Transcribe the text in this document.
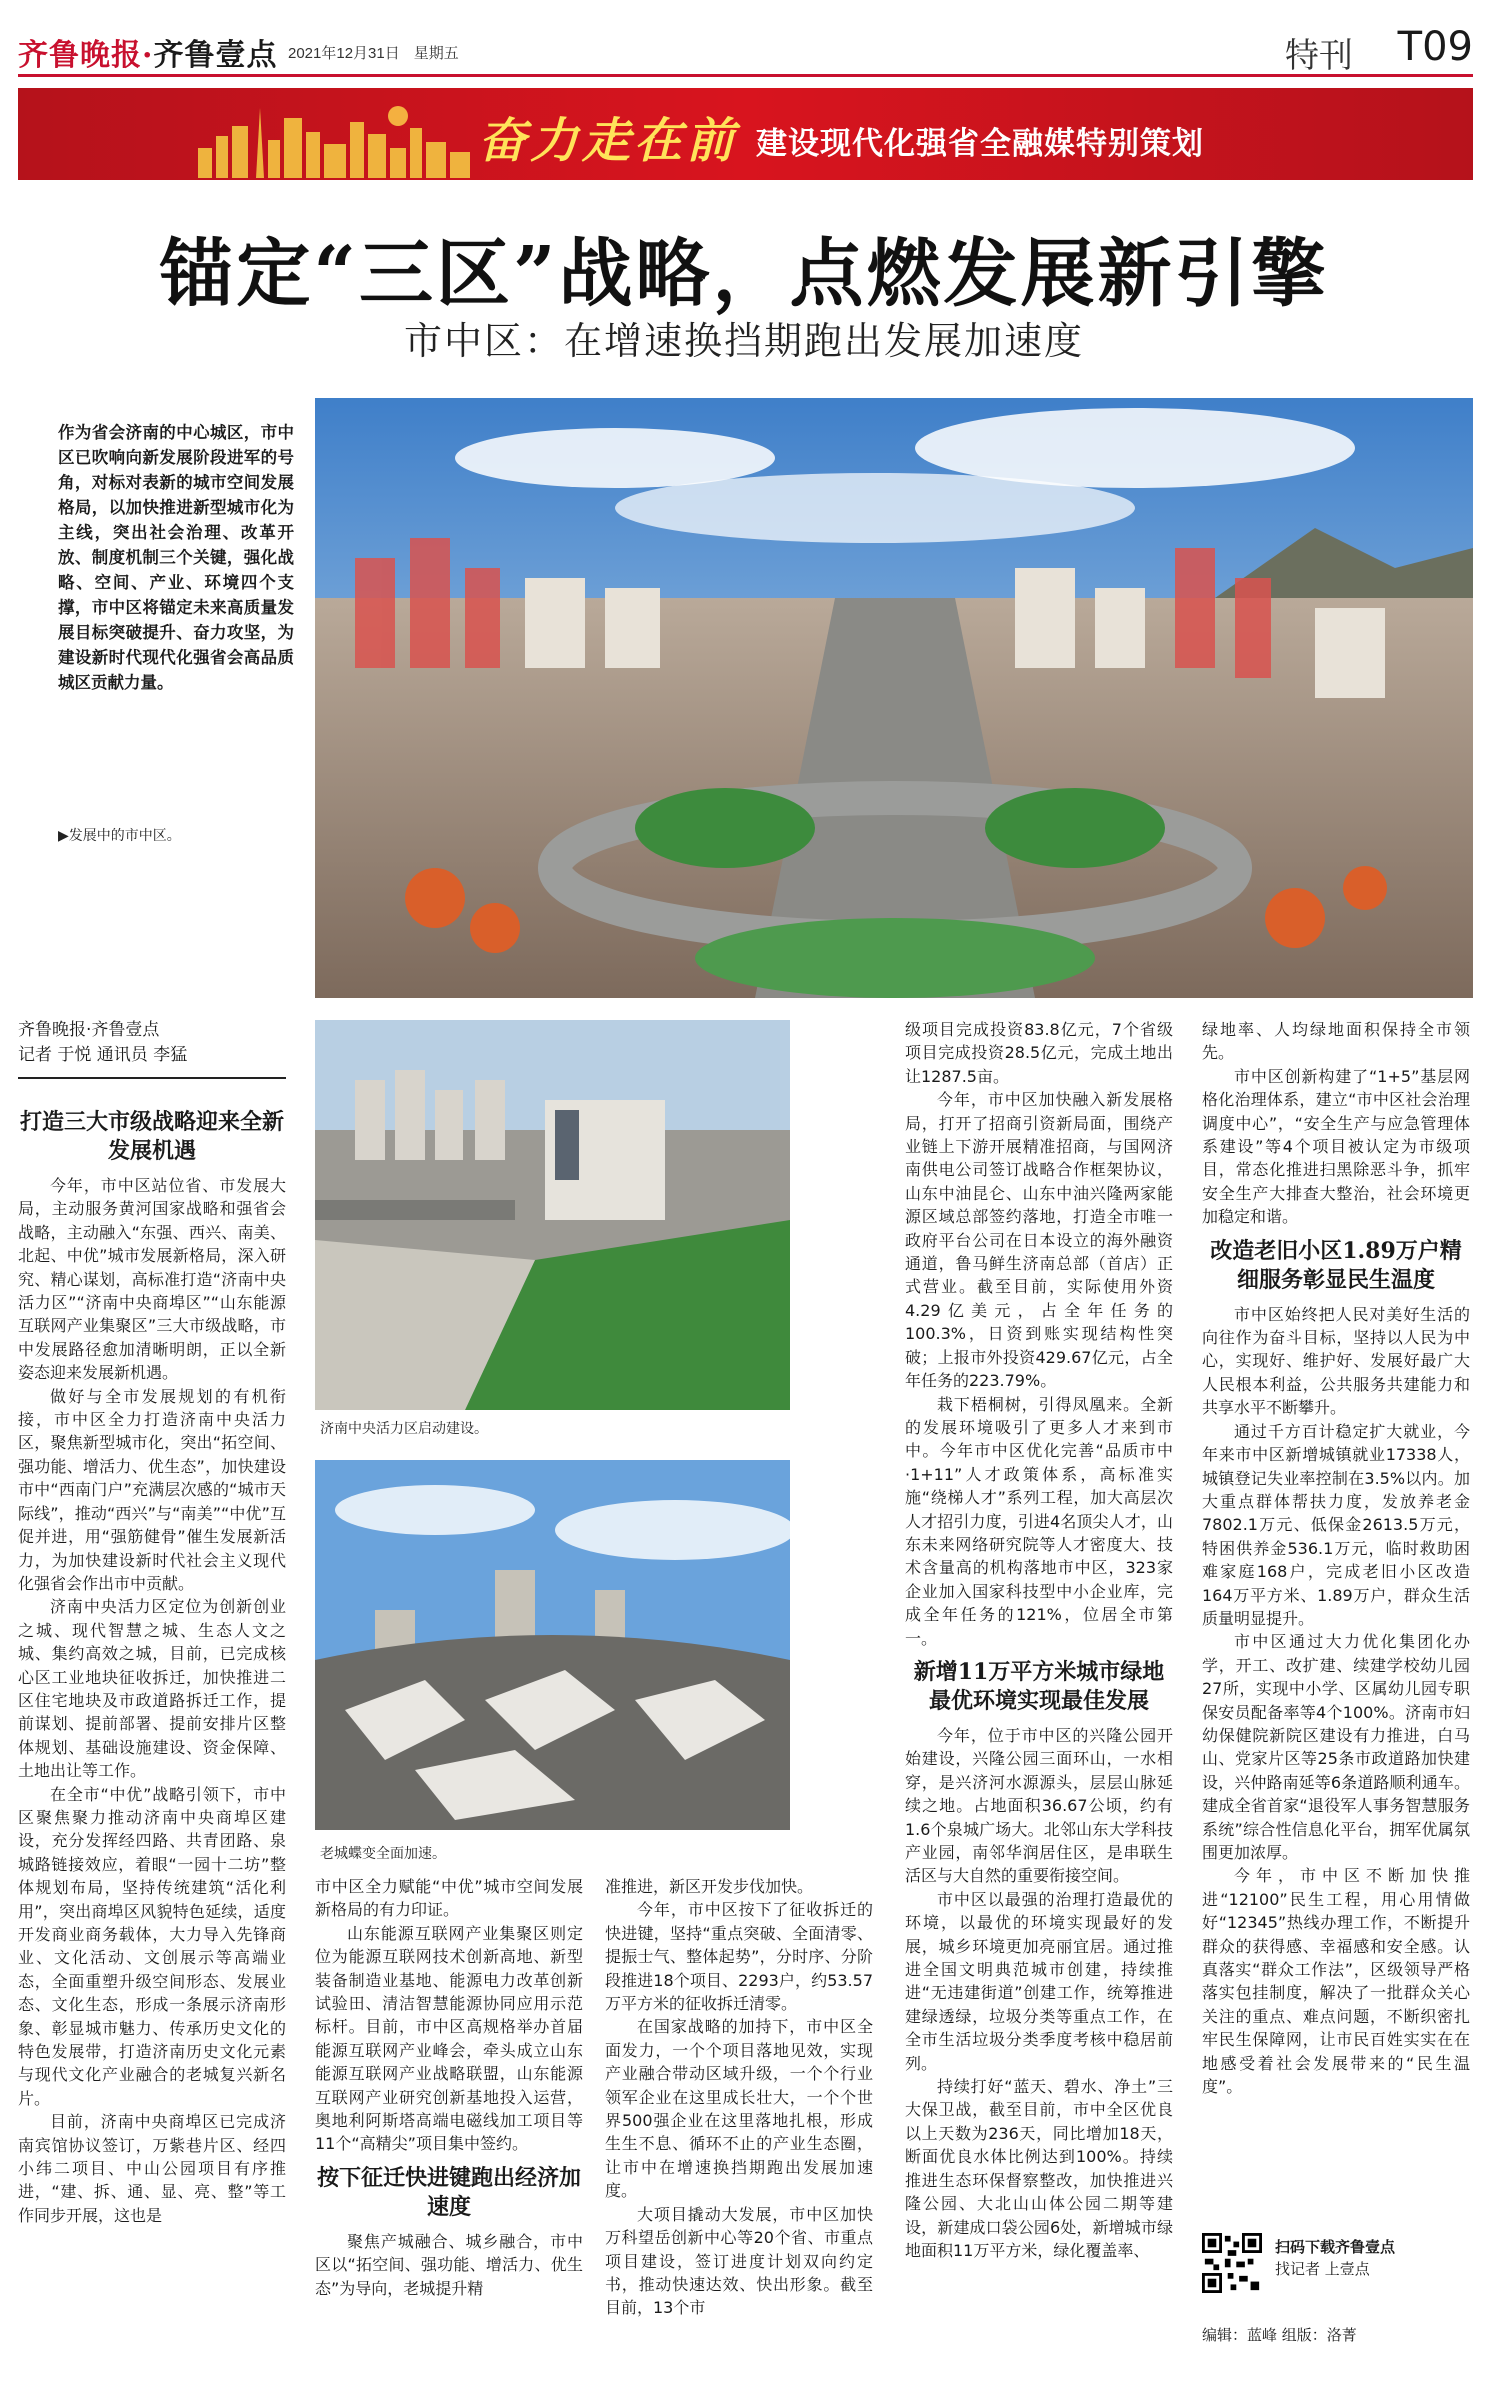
齐鲁晚报·齐鲁壹点 2021年12月31日 星期五	特刊 T09
奋力走在前 建设现代化强省全融媒特别策划
锚定“三区”战略，点燃发展新引擎
市中区：在增速换挡期跑出发展加速度
作为省会济南的中心城区，市中区已吹响向新发展阶段进军的号角，对标对表新的城市空间发展格局，以加快推进新型城市化为主线，突出社会治理、改革开放、制度机制三个关键，强化战略、空间、产业、环境四个支撑，市中区将锚定未来高质量发展目标突破提升、奋力攻坚，为建设新时代现代化强省会高品质城区贡献力量。
▶发展中的市中区。
齐鲁晚报·齐鲁壹点
记者 于悦 通讯员 李猛
打造三大市级战略迎来全新发展机遇

今年，市中区站位省、市发展大局，主动服务黄河国家战略和强省会战略，主动融入“东强、西兴、南美、北起、中优”城市发展新格局，深入研究、精心谋划，高标准打造“济南中央活力区”“济南中央商埠区”“山东能源互联网产业集聚区”三大市级战略，市中发展路径愈加清晰明朗，正以全新姿态迎来发展新机遇。

做好与全市发展规划的有机衔接，市中区全力打造济南中央活力区，聚焦新型城市化，突出“拓空间、强功能、增活力、优生态”，加快建设市中“西南门户”充满层次感的“城市天际线”，推动“西兴”与“南美”“中优”互促并进，用“强筋健骨”催生发展新活力，为加快建设新时代社会主义现代化强省会作出市中贡献。

济南中央活力区定位为创新创业之城、现代智慧之城、生态人文之城、集约高效之城，目前，已完成核心区工业地块征收拆迁，加快推进二区住宅地块及市政道路拆迁工作，提前谋划、提前部署、提前安排片区整体规划、基础设施建设、资金保障、土地出让等工作。

在全市“中优”战略引领下，市中区聚焦聚力推动济南中央商埠区建设，充分发挥经四路、共青团路、泉城路链接效应，着眼“一园十二坊”整体规划布局，坚持传统建筑“活化利用”，突出商埠区风貌特色延续，适度开发商业商务载体，大力导入先锋商业、文化活动、文创展示等高端业态，全面重塑升级空间形态、发展业态、文化生态，形成一条展示济南形象、彰显城市魅力、传承历史文化的特色发展带，打造济南历史文化元素与现代文化产业融合的老城复兴新名片。

目前，济南中央商埠区已完成济南宾馆协议签订，万紫巷片区、经四小纬二项目、中山公园项目有序推进，“建、拆、通、显、亮、整”等工作同步开展，这也是

济南中央活力区启动建设。
老城蝶变全面加速。

市中区全力赋能“中优”城市空间发展新格局的有力印证。

山东能源互联网产业集聚区则定位为能源互联网技术创新高地、新型装备制造业基地、能源电力改革创新试验田、清洁智慧能源协同应用示范标杆。目前，市中区高规格举办首届能源互联网产业峰会，牵头成立山东能源互联网产业战略联盟，山东能源互联网产业研究创新基地投入运营，奥地利阿斯塔高端电磁线加工项目等11个“高精尖”项目集中签约。

按下征迁快进键跑出经济加速度

聚焦产城融合、城乡融合，市中区以“拓空间、强功能、增活力、优生态”为导向，老城提升精

准推进，新区开发步伐加快。

今年，市中区按下了征收拆迁的快进键，坚持“重点突破、全面清零、提振士气、整体起势”，分时序、分阶段推进18个项目、2293户，约53.57万平方米的征收拆迁清零。

在国家战略的加持下，市中区全面发力，一个个项目落地见效，实现产业融合带动区域升级，一个个行业领军企业在这里成长壮大，一个个世界500强企业在这里落地扎根，形成生生不息、循环不止的产业生态圈，让市中在增速换挡期跑出发展加速度。

大项目撬动大发展，市中区加快万科望岳创新中心等20个省、市重点项目建设，签订进度计划双向约定书，推动快速达效、快出形象。截至目前，13个市

级项目完成投资83.8亿元，7个省级项目完成投资28.5亿元，完成土地出让1287.5亩。

今年，市中区加快融入新发展格局，打开了招商引资新局面，围绕产业链上下游开展精准招商，与国网济南供电公司签订战略合作框架协议，山东中油昆仑、山东中油兴隆两家能源区域总部签约落地，打造全市唯一政府平台公司在日本设立的海外融资通道，鲁马鲜生济南总部（首店）正式营业。截至目前，实际使用外资4.29亿美元，占全年任务的100.3%，日资到账实现结构性突破；上报市外投资429.67亿元，占全年任务的223.79%。

栽下梧桐树，引得凤凰来。全新的发展环境吸引了更多人才来到市中。今年市中区优化完善“品质市中·1+11”人才政策体系，高标准实施“绕梯人才”系列工程，加大高层次人才招引力度，引进4名顶尖人才，山东未来网络研究院等人才密度大、技术含量高的机构落地市中区，323家企业加入国家科技型中小企业库，完成全年任务的121%，位居全市第一。

新增11万平方米城市绿地最优环境实现最佳发展

今年，位于市中区的兴隆公园开始建设，兴隆公园三面环山，一水相穿，是兴济河水源源头，层层山脉延续之地。占地面积36.67公顷，约有1.6个泉城广场大。北邻山东大学科技产业园，南邻华润居住区，是串联生活区与大自然的重要衔接空间。

市中区以最强的治理打造最优的环境，以最优的环境实现最好的发展，城乡环境更加亮丽宜居。通过推进全国文明典范城市创建，持续推进“无违建街道”创建工作，统筹推进建绿透绿，垃圾分类等重点工作，在全市生活垃圾分类季度考核中稳居前列。

持续打好“蓝天、碧水、净土”三大保卫战，截至目前，市中全区优良以上天数为236天，同比增加18天，断面优良水体比例达到100%。持续推进生态环保督察整改，加快推进兴隆公园、大北山山体公园二期等建设，新建成口袋公园6处，新增城市绿地面积11万平方米，绿化覆盖率、

绿地率、人均绿地面积保持全市领先。

市中区创新构建了“1+5”基层网格化治理体系，建立“市中区社会治理调度中心”，“安全生产与应急管理体系建设”等4个项目被认定为市级项目，常态化推进扫黑除恶斗争，抓牢安全生产大排查大整治，社会环境更加稳定和谐。

改造老旧小区1.89万户精细服务彰显民生温度

市中区始终把人民对美好生活的向往作为奋斗目标，坚持以人民为中心，实现好、维护好、发展好最广大人民根本利益，公共服务共建能力和共享水平不断攀升。

通过千方百计稳定扩大就业，今年来市中区新增城镇就业17338人，城镇登记失业率控制在3.5%以内。加大重点群体帮扶力度，发放养老金7802.1万元、低保金2613.5万元，特困供养金536.1万元，临时救助困难家庭168户，完成老旧小区改造164万平方米、1.89万户，群众生活质量明显提升。

市中区通过大力优化集团化办学，开工、改扩建、续建学校幼儿园27所，实现中小学、区属幼儿园专职保安员配备率等4个100%。济南市妇幼保健院新院区建设有力推进，白马山、党家片区等25条市政道路加快建设，兴仲路南延等6条道路顺利通车。建成全省首家“退役军人事务智慧服务系统”综合性信息化平台，拥军优属氛围更加浓厚。

今年，市中区不断加快推进“12100”民生工程，用心用情做好“12345”热线办理工作，不断提升群众的获得感、幸福感和安全感。认真落实“群众工作法”，区级领导严格落实包挂制度，解决了一批群众关心关注的重点、难点问题，不断织密扎牢民生保障网，让市民百姓实实在在地感受着社会发展带来的“民生温度”。

扫码下载齐鲁壹点
找记者 上壹点
编辑：蓝峰 组版：洛菁
